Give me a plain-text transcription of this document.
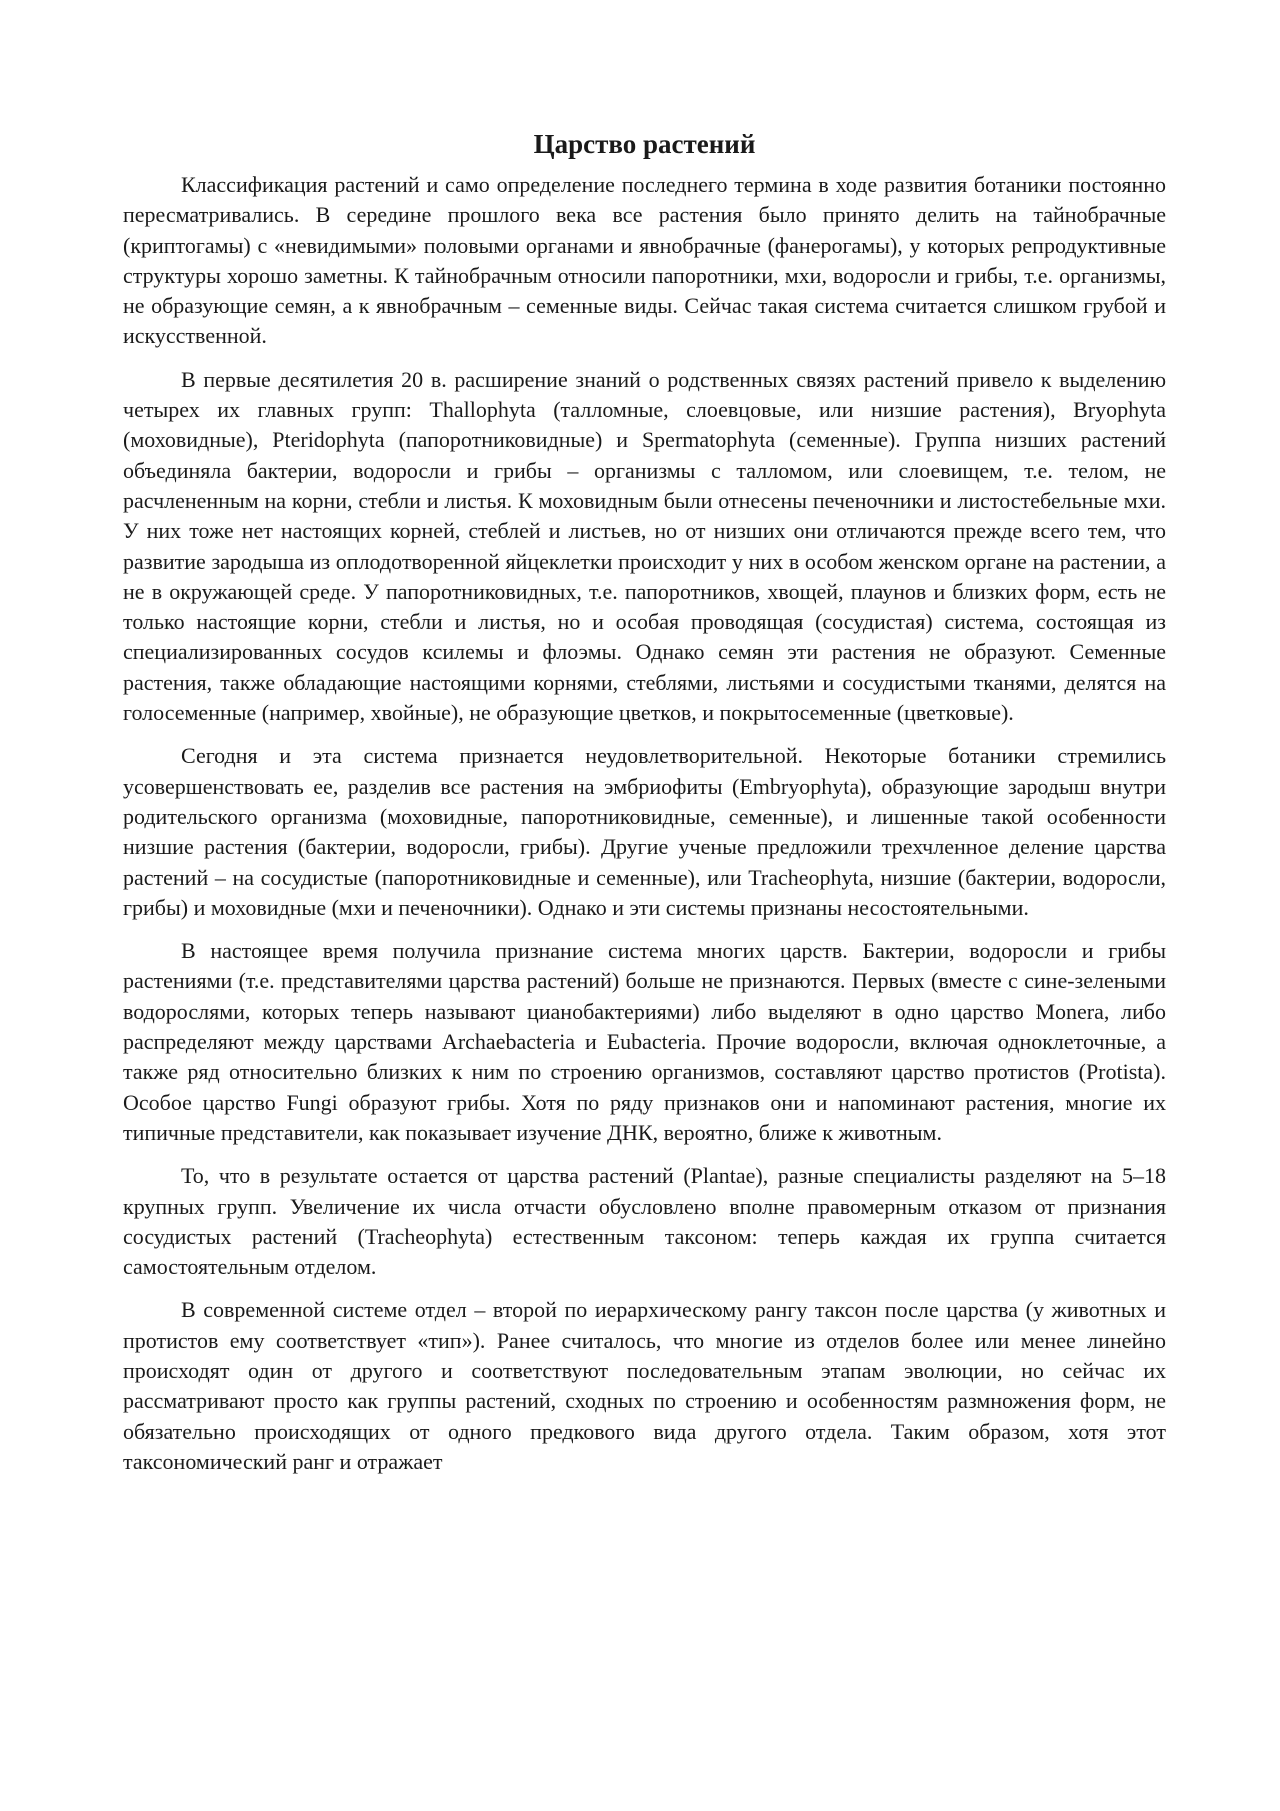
Царство растений

Классификация растений и само определение последнего термина в ходе развития ботаники постоянно пересматривались. В середине прошлого века все растения было принято делить на тайнобрачные (криптогамы) с «невидимыми» половыми органами и явнобрачные (фанерогамы), у которых репродуктивные структуры хорошо заметны. К тайнобрачным относили папоротники, мхи, водоросли и грибы, т.е. организмы, не образующие семян, а к явнобрачным – семенные виды. Сейчас такая система считается слишком грубой и искусственной.

В первые десятилетия 20 в. расширение знаний о родственных связях растений привело к выделению четырех их главных групп: Thallophyta (талломные, слоевцовые, или низшие растения), Bryophyta (моховидные), Pteridophyta (папоротниковидные) и Spermatophyta (семенные). Группа низших растений объединяла бактерии, водоросли и грибы – организмы с талломом, или слоевищем, т.е. телом, не расчлененным на корни, стебли и листья. К моховидным были отнесены печеночники и листостебельные мхи. У них тоже нет настоящих корней, стеблей и листьев, но от низших они отличаются прежде всего тем, что развитие зародыша из оплодотворенной яйцеклетки происходит у них в особом женском органе на растении, а не в окружающей среде. У папоротниковидных, т.е. папоротников, хвощей, плаунов и близких форм, есть не только настоящие корни, стебли и листья, но и особая проводящая (сосудистая) система, состоящая из специализированных сосудов ксилемы и флоэмы. Однако семян эти растения не образуют. Семенные растения, также обладающие настоящими корнями, стеблями, листьями и сосудистыми тканями, делятся на голосеменные (например, хвойные), не образующие цветков, и покрытосеменные (цветковые).

Сегодня и эта система признается неудовлетворительной. Некоторые ботаники стремились усовершенствовать ее, разделив все растения на эмбриофиты (Embryophyta), образующие зародыш внутри родительского организма (моховидные, папоротниковидные, семенные), и лишенные такой особенности низшие растения (бактерии, водоросли, грибы). Другие ученые предложили трехчленное деление царства растений – на сосудистые (папоротниковидные и семенные), или Tracheophyta, низшие (бактерии, водоросли, грибы) и моховидные (мхи и печеночники). Однако и эти системы признаны несостоятельными.

В настоящее время получила признание система многих царств. Бактерии, водоросли и грибы растениями (т.е. представителями царства растений) больше не признаются. Первых (вместе с сине-зелеными водорослями, которых теперь называют цианобактериями) либо выделяют в одно царство Monera, либо распределяют между царствами Archaebacteria и Eubacteria. Прочие водоросли, включая одноклеточные, а также ряд относительно близких к ним по строению организмов, составляют царство протистов (Protista). Особое царство Fungi образуют грибы. Хотя по ряду признаков они и напоминают растения, многие их типичные представители, как показывает изучение ДНК, вероятно, ближе к животным.

То, что в результате остается от царства растений (Plantae), разные специалисты разделяют на 5–18 крупных групп. Увеличение их числа отчасти обусловлено вполне правомерным отказом от признания сосудистых растений (Tracheophyta) естественным таксоном: теперь каждая их группа считается самостоятельным отделом.

В современной системе отдел – второй по иерархическому рангу таксон после царства (у животных и протистов ему соответствует «тип»). Ранее считалось, что многие из отделов более или менее линейно происходят один от другого и соответствуют последовательным этапам эволюции, но сейчас их рассматривают просто как группы растений, сходных по строению и особенностям размножения форм, не обязательно происходящих от одного предкового вида другого отдела. Таким образом, хотя этот таксономический ранг и отражает
